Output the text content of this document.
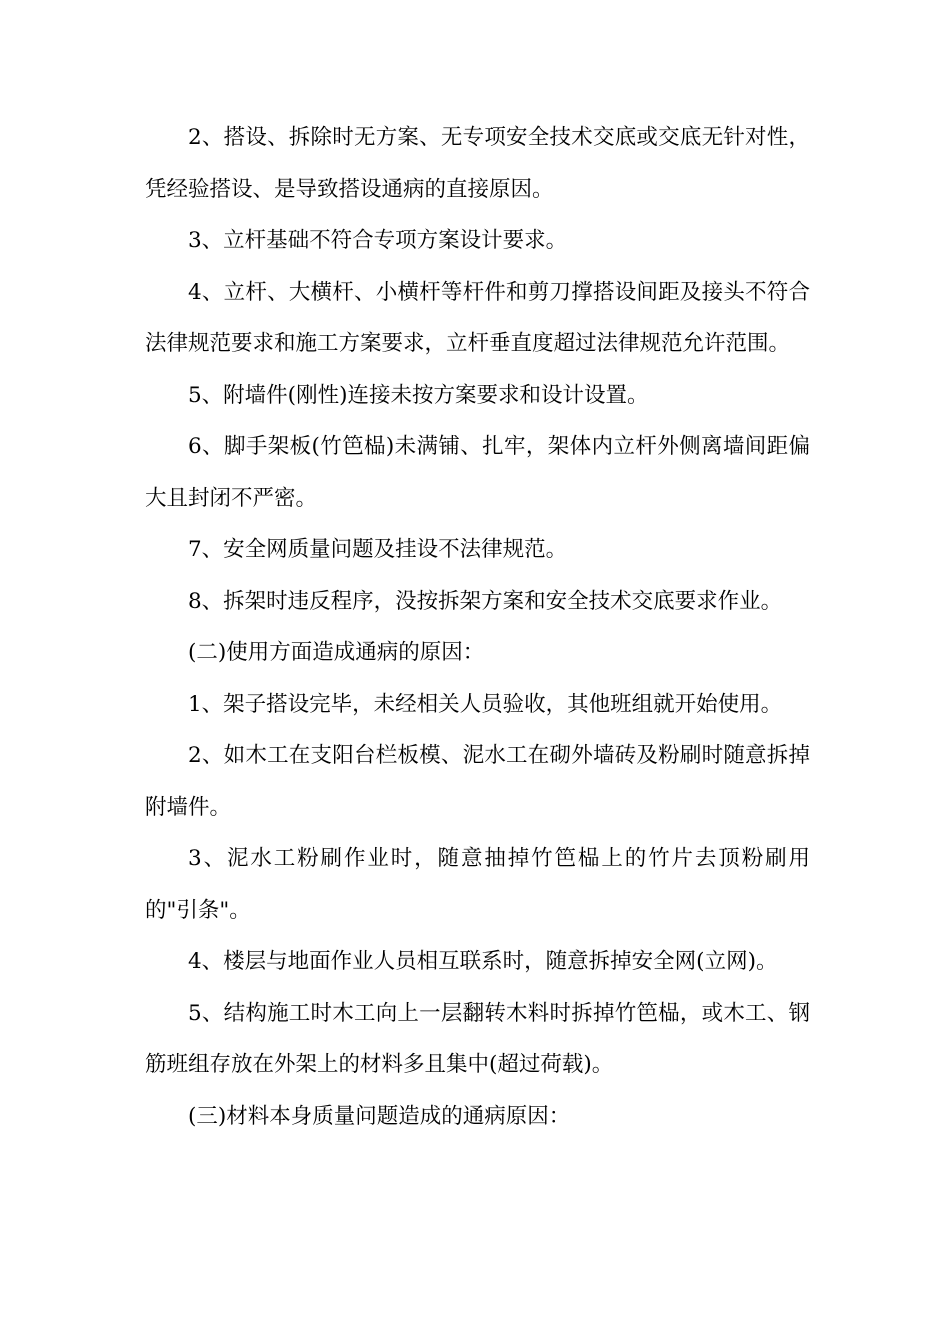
2、搭设、拆除时无方案、无专项安全技术交底或交底无针对性，凭经验搭设、是导致搭设通病的直接原因。

3、立杆基础不符合专项方案设计要求。

4、立杆、大横杆、小横杆等杆件和剪刀撑搭设间距及接头不符合法律规范要求和施工方案要求，立杆垂直度超过法律规范允许范围。

5、附墙件(刚性)连接未按方案要求和设计设置。

6、脚手架板(竹笆榀)未满铺、扎牢，架体内立杆外侧离墙间距偏大且封闭不严密。

7、安全网质量问题及挂设不法律规范。

8、拆架时违反程序，没按拆架方案和安全技术交底要求作业。

(二)使用方面造成通病的原因：

1、架子搭设完毕，未经相关人员验收，其他班组就开始使用。

2、如木工在支阳台栏板模、泥水工在砌外墙砖及粉刷时随意拆掉附墙件。

3、泥水工粉刷作业时，随意抽掉竹笆榀上的竹片去顶粉刷用的"引条"。

4、楼层与地面作业人员相互联系时，随意拆掉安全网(立网)。

5、结构施工时木工向上一层翻转木料时拆掉竹笆榀，或木工、钢筋班组存放在外架上的材料多且集中(超过荷载)。

(三)材料本身质量问题造成的通病原因：
